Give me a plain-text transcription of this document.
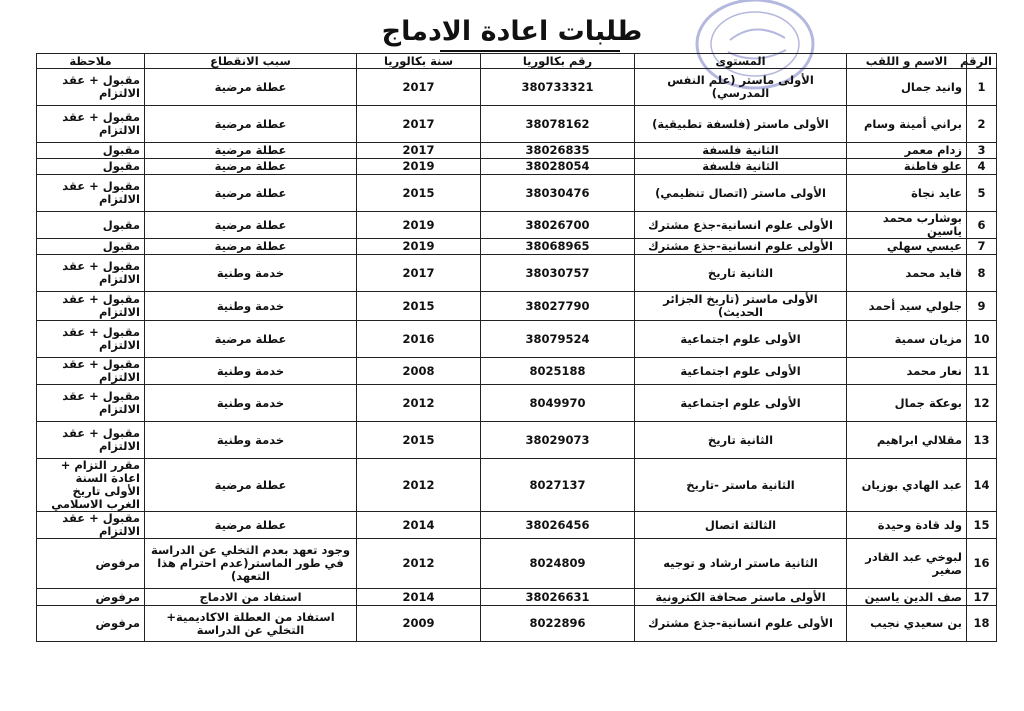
طلبات اعادة الادماج
الرقم	الاسم و اللقب	المستوى	رقم بكالوريا	سنة بكالوريا	سبب الانقطاع	ملاحظة
1	وانيد جمال	الأولى ماستر (علم النفس المدرسي)	380733321	2017	عطلة مرضية	مقبول + عقد الالتزام
2	براني أمينة وسام	الأولى ماستر (فلسفة تطبيقية)	38078162	2017	عطلة مرضية	مقبول + عقد الالتزام
3	زدام معمر	الثانية فلسفة	38026835	2017	عطلة مرضية	مقبول
4	علو فاطنة	الثانية فلسفة	38028054	2019	عطلة مرضية	مقبول
5	عايد نجاة	الأولى ماستر (اتصال تنظيمي)	38030476	2015	عطلة مرضية	مقبول + عقد الالتزام
6	بوشارب محمد ياسين	الأولى علوم انسانية-جذع مشترك	38026700	2019	عطلة مرضية	مقبول
7	عيسي سهلي	الأولى علوم انسانية-جذع مشترك	38068965	2019	عطلة مرضية	مقبول
8	قايد محمد	الثانية تاريخ	38030757	2017	خدمة وطنية	مقبول + عقد الالتزام
9	جلولي سيد أحمد	الأولى ماستر (تاريخ الجزائر الحديث)	38027790	2015	خدمة وطنية	مقبول + عقد الالتزام
10	مزيان سمية	الأولى علوم اجتماعية	38079524	2016	عطلة مرضية	مقبول + عقد الالتزام
11	نعار محمد	الأولى علوم اجتماعية	8025188	2008	خدمة وطنية	مقبول + عقد الالتزام
12	بوعكة جمال	الأولى علوم اجتماعية	8049970	2012	خدمة وطنية	مقبول + عقد الالتزام
13	مقلالي ابراهيم	الثانية تاريخ	38029073	2015	خدمة وطنية	مقبول + عقد الالتزام
14	عبد الهادي بوزيان	الثانية ماستر -تاريخ	8027137	2012	عطلة مرضية	مقرر التزام + اعادة السنة الأولى تاريخ الغرب الاسلامي
15	ولد قادة وحيدة	الثالثة اتصال	38026456	2014	عطلة مرضية	مقبول + عقد الالتزام
16	لبوخي عبد القادر صغير	الثانية ماستر ارشاد و توجيه	8024809	2012	وجود تعهد بعدم التخلي عن الدراسة في طور الماستر(عدم احترام هذا التعهد)	مرفوض
17	صف الدين ياسين	الأولى ماستر صحافة الكترونية	38026631	2014	استفاد من الادماج	مرفوض
18	بن سعيدي نجيب	الأولى علوم انسانية-جذع مشترك	8022896	2009	استفاد من العطلة الاكاديمية+ التخلي عن الدراسة	مرفوض
